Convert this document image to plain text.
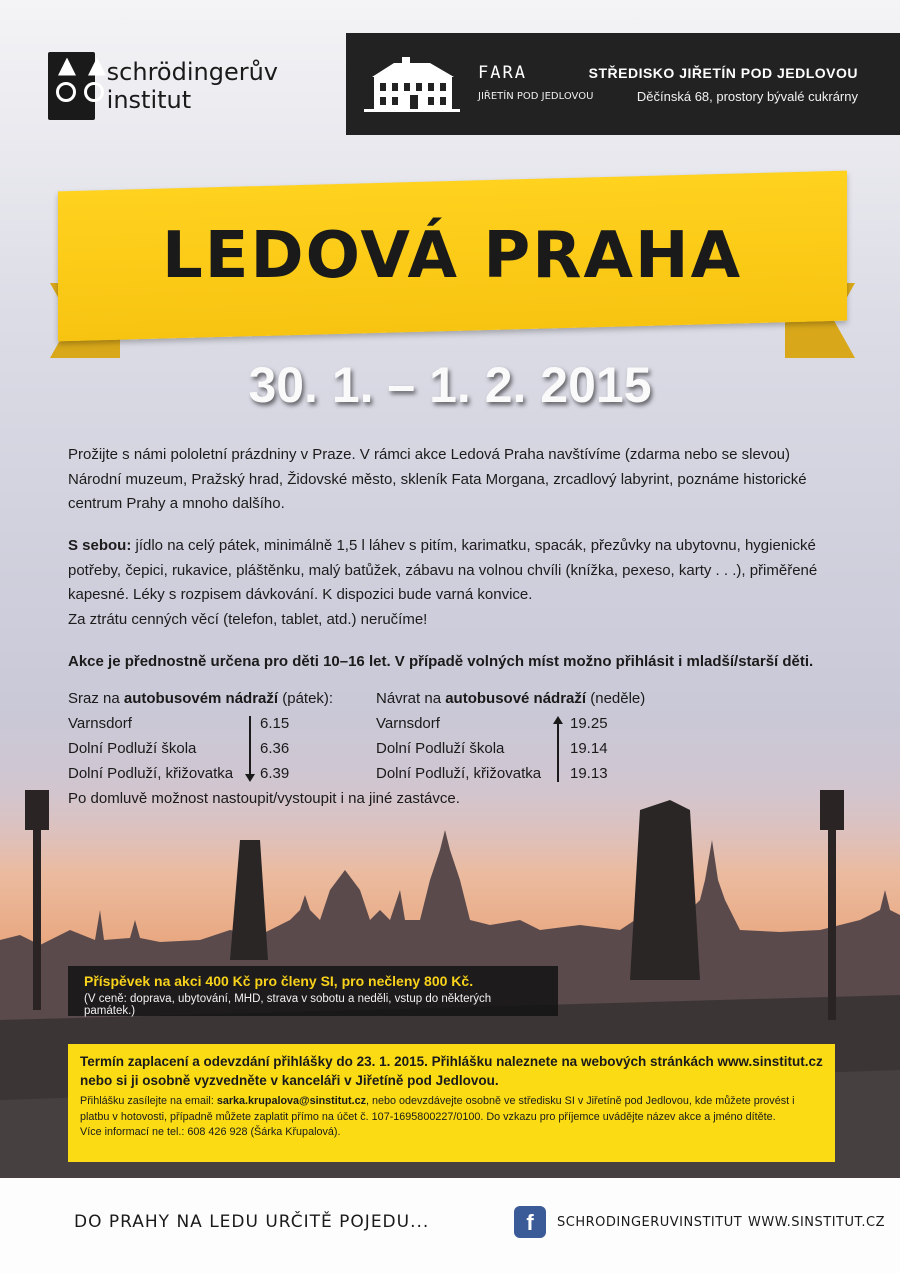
schrödingerův
institut
FARA
JIŘETÍN POD JEDLOVOU
STŘEDISKO JIŘETÍN POD JEDLOVOU
Děčínská 68, prostory bývalé cukrárny
LEDOVÁ PRAHA
30. 1. – 1. 2. 2015

Prožijte s námi pololetní prázdniny v Praze. V rámci akce Ledová Praha navštívíme (zdarma nebo se slevou) Národní muzeum, Pražský hrad, Židovské město, skleník Fata Morgana, zrcadlový labyrint, poznáme historické centrum Prahy a mnoho dalšího.

S sebou: jídlo na celý pátek, minimálně 1,5 l láhev s pitím, karimatku, spacák, přezůvky na ubytovnu, hygienické potřeby, čepici, rukavice, pláštěnku, malý batůžek, zábavu na volnou chvíli (knížka, pexeso, karty . . .), přiměřené kapesné. Léky s rozpisem dávkování. K dispozici bude varná konvice.
Za ztrátu cenných věcí (telefon, tablet, atd.) neručíme!

Akce je přednostně určena pro děti 10–16 let. V případě volných míst možno přihlásit i mladší/starší děti.

Sraz na autobusovém nádraží (pátek):
Varnsdorf	6.15
Dolní Podluží škola	6.36
Dolní Podluží, křižovatka 6.39
Návrat na autobusové nádraží (neděle)
Varnsdorf	19.25
Dolní Podluží škola	19.14
Dolní Podluží, křižovatka 19.13
Po domluvě možnost nastoupit/vystoupit i na jiné zastávce.
Příspěvek na akci 400 Kč pro členy SI, pro nečleny 800 Kč.
(V ceně: doprava, ubytování, MHD, strava v sobotu a neděli, vstup do některých památek.)
Termín zaplacení a odevzdání přihlášky do 23. 1. 2015. Přihlášku naleznete na webových stránkách www.sinstitut.cz nebo si ji osobně vyzvedněte v kanceláři v Jiřetíně pod Jedlovou.
Přihlášku zasílejte na email: sarka.krupalova@sinstitut.cz, nebo odevzdávejte osobně ve středisku SI v Jiřetíně pod Jedlovou, kde můžete provést i platbu v hotovosti, případně můžete zaplatit přímo na účet č. 107-1695800227/0100. Do vzkazu pro příjemce uvádějte název akce a jméno dítěte.
Více informací ne tel.: 608 426 928 (Šárka Křupalová).
DO PRAHY NA LEDU URČITĚ POJEDU...	f	SCHRODINGERUVINSTITUT WWW.SINSTITUT.CZ
